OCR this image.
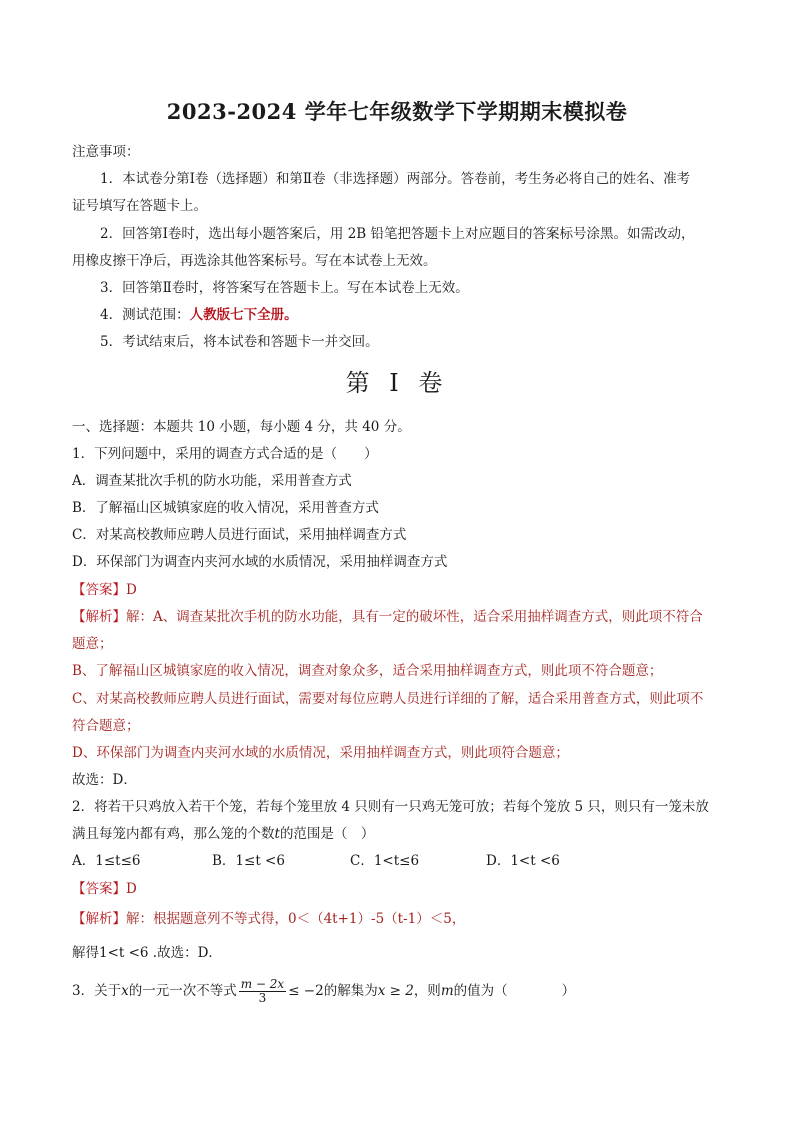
2023-2024 学年七年级数学下学期期末模拟卷
注意事项：
1．本试卷分第Ⅰ卷（选择题）和第Ⅱ卷（非选择题）两部分。答卷前，考生务必将自己的姓名、准考
证号填写在答题卡上。
2．回答第Ⅰ卷时，选出每小题答案后，用 2B 铅笔把答题卡上对应题目的答案标号涂黑。如需改动，
用橡皮擦干净后，再选涂其他答案标号。写在本试卷上无效。
3．回答第Ⅱ卷时，将答案写在答题卡上。写在本试卷上无效。
4．测试范围：人教版七下全册。
5．考试结束后，将本试卷和答题卡一并交回。
第 I 卷
一、选择题：本题共 10 小题，每小题 4 分，共 40 分。
1．下列问题中，采用的调查方式合适的是（　　）
A．调查某批次手机的防水功能，采用普查方式
B．了解福山区城镇家庭的收入情况，采用普查方式
C．对某高校教师应聘人员进行面试，采用抽样调查方式
D．环保部门为调查内夹河水域的水质情况，采用抽样调查方式
【答案】D
【解析】解：A、调查某批次手机的防水功能，具有一定的破坏性，适合采用抽样调查方式，则此项不符合
题意；
B、了解福山区城镇家庭的收入情况，调查对象众多，适合采用抽样调查方式，则此项不符合题意；
C、对某高校教师应聘人员进行面试，需要对每位应聘人员进行详细的了解，适合采用普查方式，则此项不
符合题意；
D、环保部门为调查内夹河水域的水质情况，采用抽样调查方式，则此项符合题意；
故选：D．
2．将若干只鸡放入若干个笼，若每个笼里放 4 只则有一只鸡无笼可放；若每个笼放 5 只，则只有一笼未放
满且每笼内都有鸡，那么笼的个数t的范围是（　）
A．1≤t≤6	B．1≤t <6	C．1<t≤6	D．1<t <6
【答案】D
【解析】解：根据题意列不等式得，0＜（4t+1）-5（t-1）＜5，
解得1<t <6 .故选：D．
3．关于x的一元一次不等式 $\frac{m - 2x}{3} \le -2$的解集为x ≥ 2，则m的值为（　　　　）
